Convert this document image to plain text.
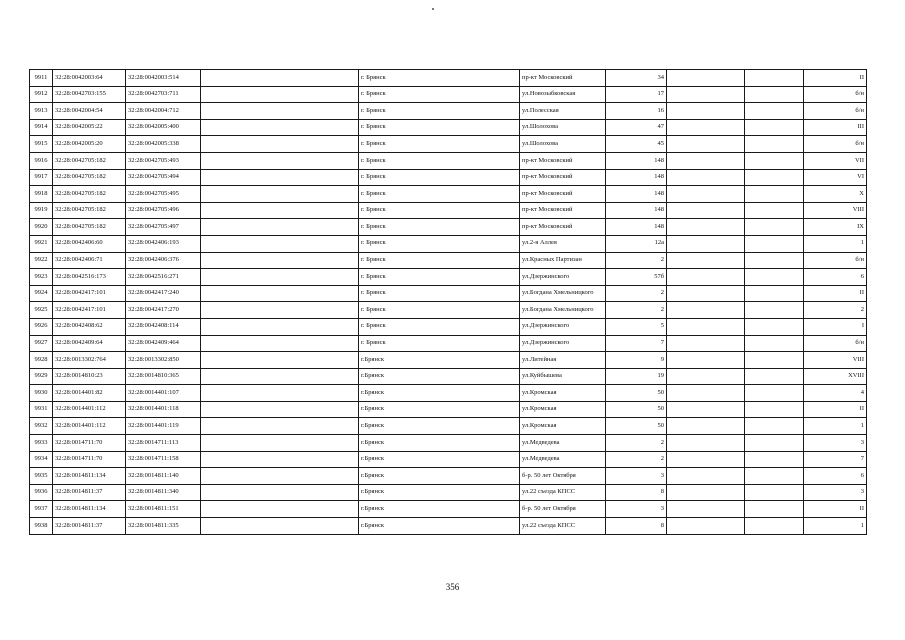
9911	32:28:0042003:64	32:28:0042003:514		г. Брянск	пр-кт Московский	34			II
9912	32:28:0042703:155	32:28:0042703:711		г. Брянск	ул.Новозыбковская	17			б/н
9913	32:28:0042004:54	32:28:0042004:712		г. Брянск	ул.Полесская	16			б/н
9914	32:28:0042005:22	32:28:0042005:400		г. Брянск	ул.Шолохова	47			III
9915	32:28:0042005:20	32:28:0042005:338		г. Брянск	ул.Шолохова	45			б/н
9916	32:28:0042705:182	32:28:0042705:493		г. Брянск	пр-кт Московский	148			VII
9917	32:28:0042705:182	32:28:0042705:494		г. Брянск	пр-кт Московский	148			VI
9918	32:28:0042705:182	32:28:0042705:495		г. Брянск	пр-кт Московский	148			X
9919	32:28:0042705:182	32:28:0042705:496		г. Брянск	пр-кт Московский	148			VIII
9920	32:28:0042705:182	32:28:0042705:497		г. Брянск	пр-кт Московский	148			IX
9921	32:28:0042406:60	32:28:0042406:193		г. Брянск	ул.2-я Аллея	12а			1
9922	32:28:0042406:71	32:28:0042406:376		г. Брянск	ул.Красных Партизан	2			б/н
9923	32:28:0042516:173	32:28:0042516:271		г. Брянск	ул.Дзержинского	57б			6
9924	32:28:0042417:101	32:28:0042417:240		г. Брянск	ул.Богдана Хмельницкого	2			II
9925	32:28:0042417:101	32:28:0042417:270		г. Брянск	ул.Богдана Хмельницкого	2			2
9926	32:28:0042408:62	32:28:0042408:114		г. Брянск	ул.Дзержинского	5			I
9927	32:28:0042409:64	32:28:0042409:464		г. Брянск	ул.Дзержинского	7			б/н
9928	32:28:0013302:764	32:28:0013302:850		г.Брянск	ул.Литейная	9			VIII
9929	32:28:0014810:23	32:28:0014810:365		г.Брянск	ул.Куйбышева	19			XVIII
9930	32:28:0014401:82	32:28:0014401:107		г.Брянск	ул.Кромская	50			4
9931	32:28:0014401:112	32:28:0014401:118		г.Брянск	ул.Кромская	50			II
9932	32:28:0014401:112	32:28:0014401:119		г.Брянск	ул.Кромская	50			1
9933	32:28:0014711:70	32:28:0014711:113		г.Брянск	ул.Медведева	2			3
9934	32:28:0014711:70	32:28:0014711:158		г.Брянск	ул.Медведева	2			7
9935	32:28:0014811:134	32:28:0014811:140		г.Брянск	б-р. 50 лет Октября	3			6
9936	32:28:0014811:37	32:28:0014811:340		г.Брянск	ул.22 съезда КПСС	8			3
9937	32:28:0014811:134	32:28:0014811:151		г.Брянск	б-р. 50 лет Октября	3			II
9938	32:28:0014811:37	32:28:0014811:335		г.Брянск	ул.22 съезда КПСС	8			1
356
